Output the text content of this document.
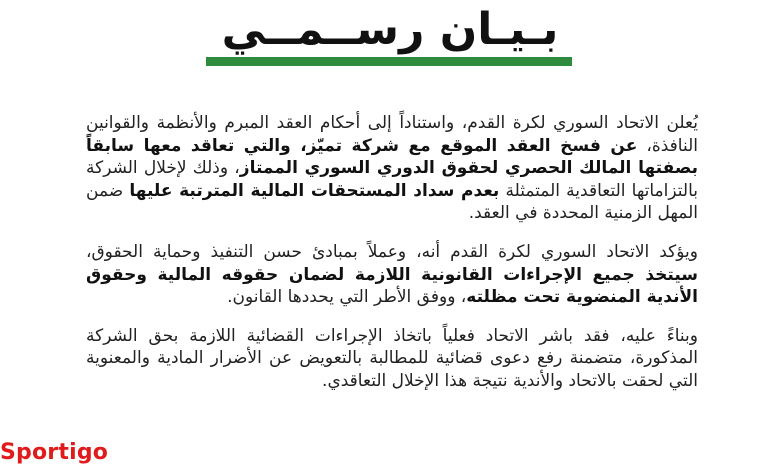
بـيـان رســمــي

يُعلن الاتحاد السوري لكرة القدم، واستناداً إلى أحكام العقد المبرم والأنظمة والقوانين النافذة، عن فسخ العقد الموقع مع شركة تميّز، والتي تعاقد معها سابقاً بصفتها المالك الحصري لحقوق الدوري السوري الممتاز، وذلك لإخلال الشركة بالتزاماتها التعاقدية المتمثلة بعدم سداد المستحقات المالية المترتبة عليها ضمن المهل الزمنية المحددة في العقد.

ويؤكد الاتحاد السوري لكرة القدم أنه، وعملاً بمبادئ حسن التنفيذ وحماية الحقوق، سيتخذ جميع الإجراءات القانونية اللازمة لضمان حقوقه المالية وحقوق الأندية المنضوية تحت مظلته، ووفق الأطر التي يحددها القانون.

وبناءً عليه، فقد باشر الاتحاد فعلياً باتخاذ الإجراءات القضائية اللازمة بحق الشركة المذكورة، متضمنة رفع دعوى قضائية للمطالبة بالتعويض عن الأضرار المادية والمعنوية التي لحقت بالاتحاد والأندية نتيجة هذا الإخلال التعاقدي.

Sportigo
